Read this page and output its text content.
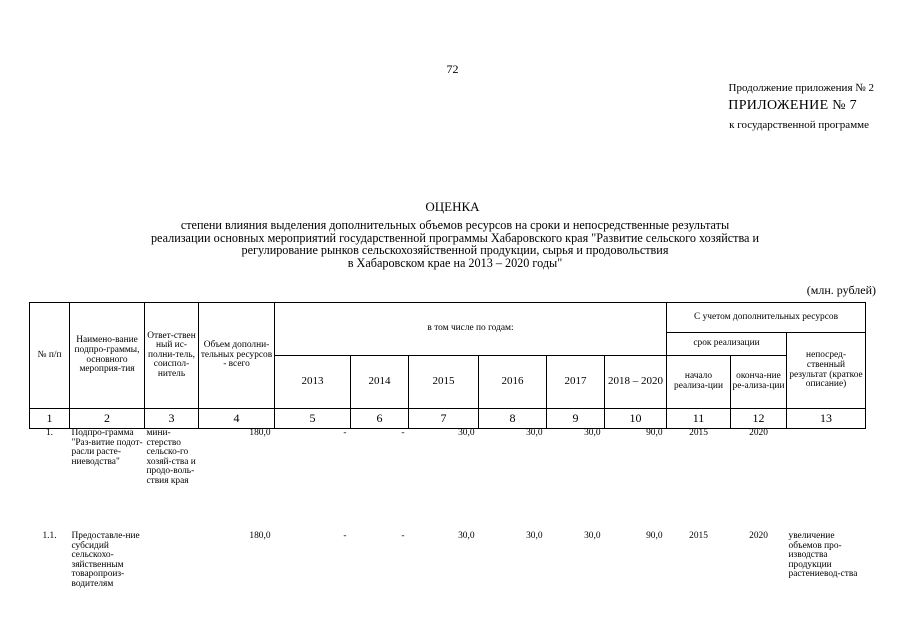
72
Продолжение приложения № 2
ПРИЛОЖЕНИЕ № 7
к государственной программе
ОЦЕНКА
степени влияния выделения дополнительных объемов ресурсов на сроки и непосредственные результаты
реализации основных мероприятий государственной программы Хабаровского края "Развитие сельского хозяйства и
регулирование рынков сельскохозяйственной продукции, сырья и продовольствия
в Хабаровском крае на 2013 – 2020 годы"
(млн. рублей)
№ п/п	Наимено-вание подпро-граммы, основного мероприя-тия	Ответ-ствен ный ис-полни-тель, соиспол-нитель	Объем дополни-тельных ресурсов - всего	в том числе по годам:						С учетом дополнительных ресурсов		
										срок реализации		непосред-ственный результат (краткое описание)
				2013	2014	2015	2016	2017	2018 – 2020	начало реализа-ции	оконча-ние ре-ализа-ции	
1	2	3	4	5	6	7	8	9	10	11	12	13
1.	Подпро-грамма "Раз-витие подот-расли расте-ниеводства"	мини-стерство сельско-го хозяй-ства и продо-воль-ствия края	180,0	-	-	30,0	30,0	30,0	90,0	2015	2020	
1.1.	Предоставле-ние субсидий сельскохо-зяйственным товаропроиз-водителям		180,0	-	-	30,0	30,0	30,0	90,0	2015	2020	увеличение объемов про-изводства продукции растениевод-ства
